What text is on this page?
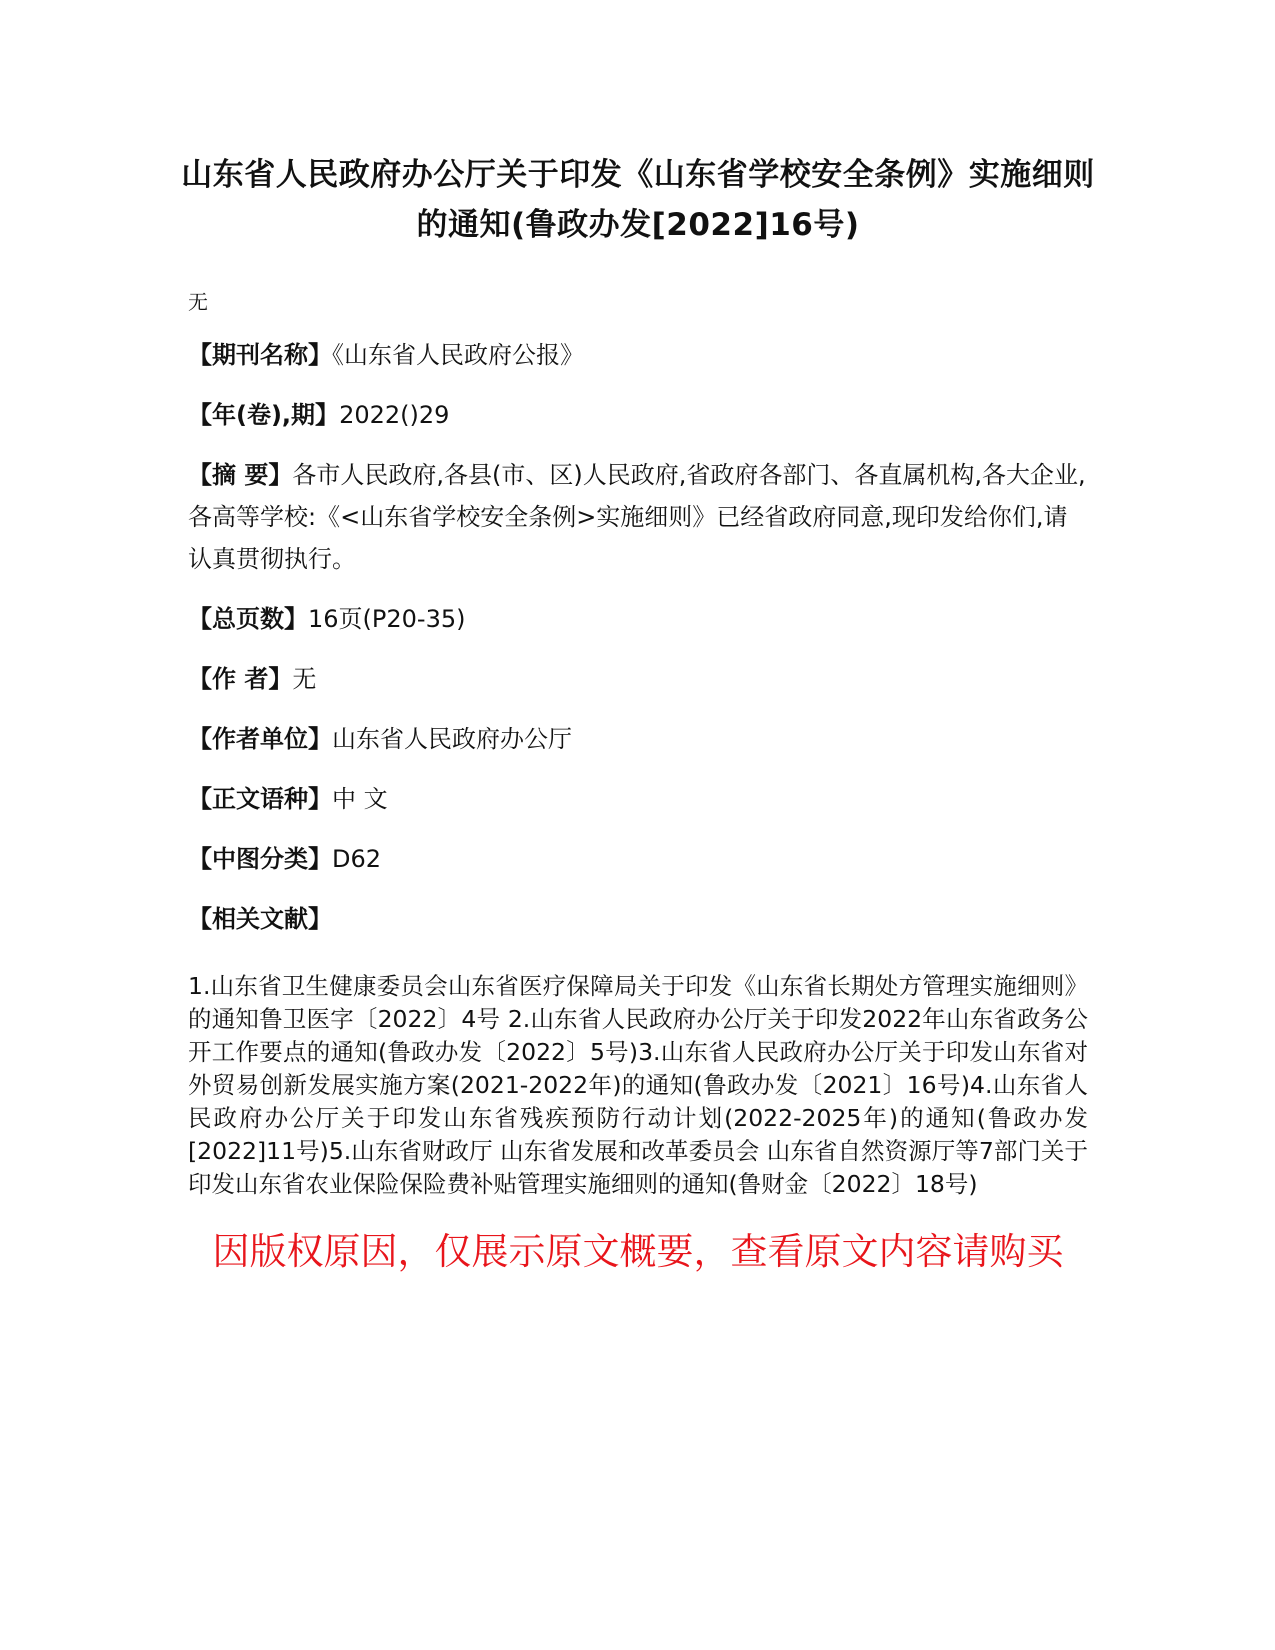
山东省人民政府办公厅关于印发《山东省学校安全条例》实施细则的通知(鲁政办发[2022]16号)
无
【期刊名称】《山东省人民政府公报》
【年(卷),期】2022()29
【摘 要】各市人民政府,各县(市、区)人民政府,省政府各部门、各直属机构,各大企业,各高等学校:《<山东省学校安全条例>实施细则》已经省政府同意,现印发给你们,请认真贯彻执行。
【总页数】16页(P20-35)
【作 者】无
【作者单位】山东省人民政府办公厅
【正文语种】中 文
【中图分类】D62
【相关文献】
1.山东省卫生健康委员会山东省医疗保障局关于印发《山东省长期处方管理实施细则》的通知鲁卫医字〔2022〕4号 2.山东省人民政府办公厅关于印发2022年山东省政务公开工作要点的通知(鲁政办发〔2022〕5号)3.山东省人民政府办公厅关于印发山东省对外贸易创新发展实施方案(2021-2022年)的通知(鲁政办发〔2021〕16号)4.山东省人民政府办公厅关于印发山东省残疾预防行动计划(2022-2025年)的通知(鲁政办发[2022]11号)5.山东省财政厅 山东省发展和改革委员会 山东省自然资源厅等7部门关于印发山东省农业保险保险费补贴管理实施细则的通知(鲁财金〔2022〕18号)
因版权原因，仅展示原文概要，查看原文内容请购买
